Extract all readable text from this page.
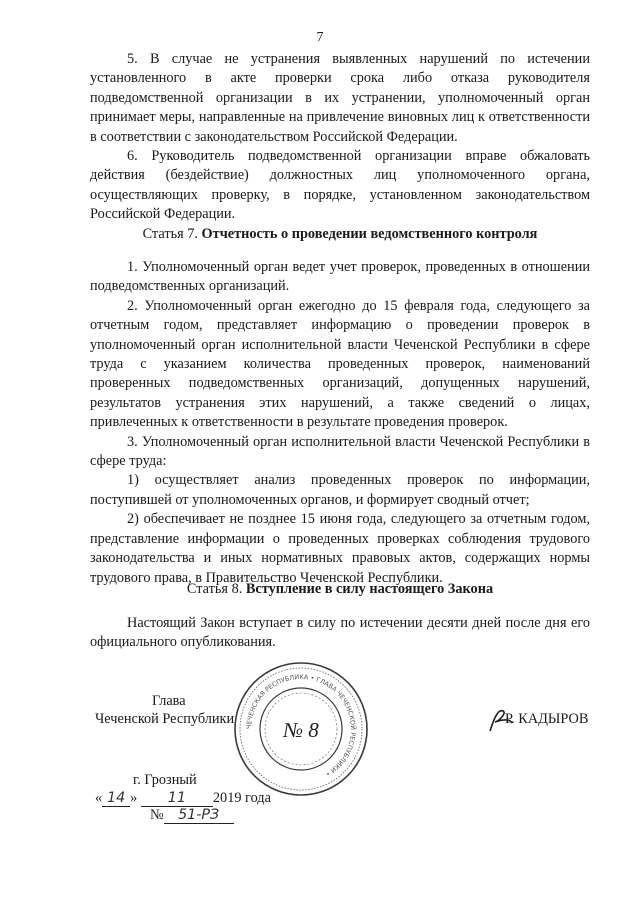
7

5. В случае не устранения выявленных нарушений по истечении установленного в акте проверки срока либо отказа руководителя подведомственной организации в их устранении, уполномоченный орган принимает меры, направленные на привлечение виновных лиц к ответственности в соответствии с законодательством Российской Федерации.

6. Руководитель подведомственной организации вправе обжаловать действия (бездействие) должностных лиц уполномоченного органа, осуществляющих проверку, в порядке, установленном законодательством Российской Федерации.

Статья 7. Отчетность о проведении ведомственного контроля

1. Уполномоченный орган ведет учет проверок, проведенных в отношении подведомственных организаций.

2. Уполномоченный орган ежегодно до 15 февраля года, следующего за отчетным годом, представляет информацию о проведении проверок в уполномоченный орган исполнительной власти Чеченской Республики в сфере труда с указанием количества проведенных проверок, наименований проверенных подведомственных организаций, допущенных нарушений, результатов устранения этих нарушений, а также сведений о лицах, привлеченных к ответственности в результате проведения проверок.

3. Уполномоченный орган исполнительной власти Чеченской Республики в сфере труда:

1) осуществляет анализ проведенных проверок по информации, поступившей от уполномоченных органов, и формирует сводный отчет;

2) обеспечивает не позднее 15 июня года, следующего за отчетным годом, представление информации о проведенных проверках соблюдения трудового законодательства и иных нормативных правовых актов, содержащих нормы трудового права, в Правительство Чеченской Республики.

Статья 8. Вступление в силу настоящего Закона

Настоящий Закон вступает в силу по истечении десяти дней после дня его официального опубликования.

ЧЕЧЕНСКАЯ РЕСПУБЛИКА • ГЛАВА ЧЕЧЕНСКОЙ РЕСПУБЛИКИ •
№ 8
Глава
Чеченской Республики	Р. КАДЫРОВ
г. Грозный
« 14 » 11 2019 года
№ 51-РЗ
